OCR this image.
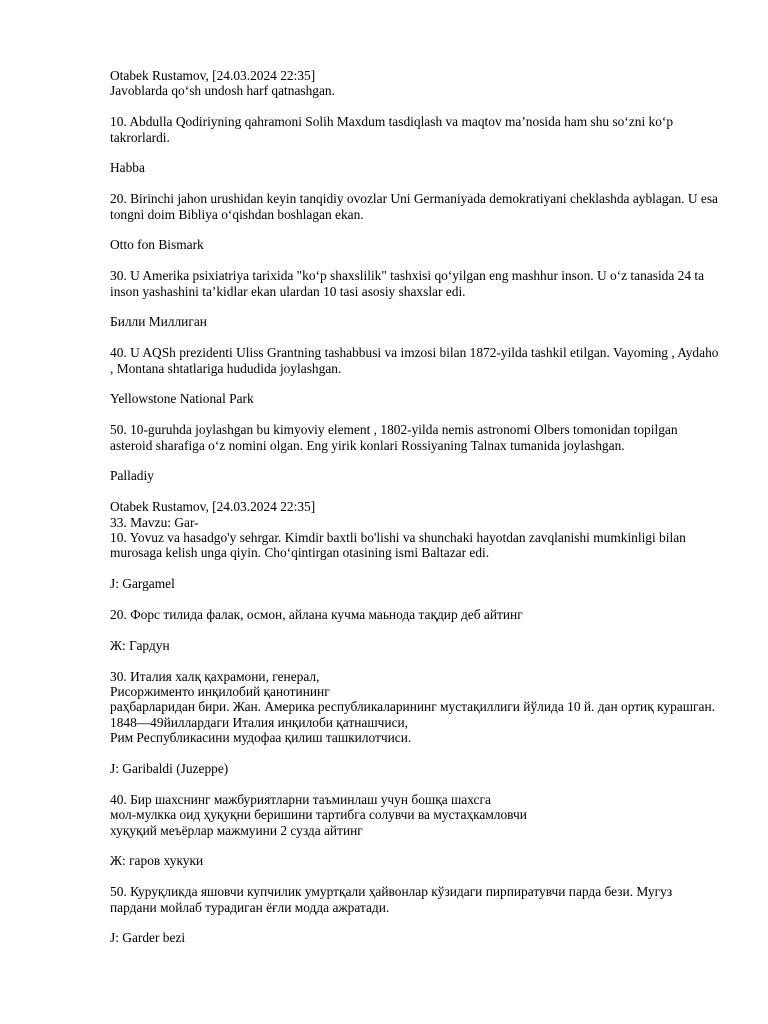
Otabek Rustamov, [24.03.2024 22:35]
Javoblarda qo‘sh undosh harf qatnashgan.
10. Abdulla Qodiriyning qahramoni Solih Maxdum tasdiqlash va maqtov ma’nosida ham shu so‘zni ko‘p takrorlardi.
Habba
20. Birinchi jahon urushidan keyin tanqidiy ovozlar Uni Germaniyada demokratiyani cheklashda ayblagan. U esa tongni doim Bibliya o‘qishdan boshlagan ekan.
Otto fon Bismark
30. U Amerika psixiatriya tarixida "ko‘p shaxslilik" tashxisi qo‘yilgan eng mashhur inson. U o‘z tanasida 24 ta inson yashashini ta’kidlar ekan ulardan 10 tasi asosiy shaxslar edi.
Билли Миллиган
40. U AQSh prezidenti Uliss Grantning tashabbusi va imzosi bilan 1872-yilda tashkil etilgan. Vayoming , Aydaho , Montana shtatlariga hududida joylashgan.
Yellowstone National Park
50. 10-guruhda joylashgan bu kimyoviy element , 1802-yilda nemis astronomi Olbers tomonidan topilgan asteroid sharafiga o‘z nomini olgan. Eng yirik konlari Rossiyaning Talnax tumanida joylashgan.
Palladiy
Otabek Rustamov, [24.03.2024 22:35]
33. Mavzu: Gar-
10. Yovuz va hasadgo'y sehrgar. Kimdir baxtli bo'lishi va shunchaki hayotdan zavqlanishi mumkinligi bilan murosaga kelish unga qiyin. Cho‘qintirgan otasining ismi Baltazar edi.
J: Gargamel
20. Форс тилида фалак, осмон, айлана кучма маьнода тақдир деб айтинг
Ж: Гардун
30. Италия халқ қахрамони, генерал,
Рисоржименто инқилобий қанотининг
раҳбарларидан бири. Жан. Америка республикаларининг мустақиллиги йўлида 10 й. дан ортиқ курашган. 1848—49йиллардаги Италия инқилоби қатнашчиси,
Рим Республикасини мудофаа қилиш ташкилотчиси.
J: Garibaldi (Juzeppe)
40. Бир шахснинг мажбуриятларни таъминлаш учун бошқа шахсга
мол-мулкка оид ҳуқуқни беришини тартибга солувчи ва мустаҳкамловчи
хуқуқий меъёрлар мажмуини 2 сузда айтинг
Ж: гаров хукуки
50. Куруқликда яшовчи купчилик умуртқали ҳайвонлар кўзидаги пирпиратувчи парда бези. Мугуз пардани мойлаб турадиган ёғли модда ажратади.
J: Garder bezi
